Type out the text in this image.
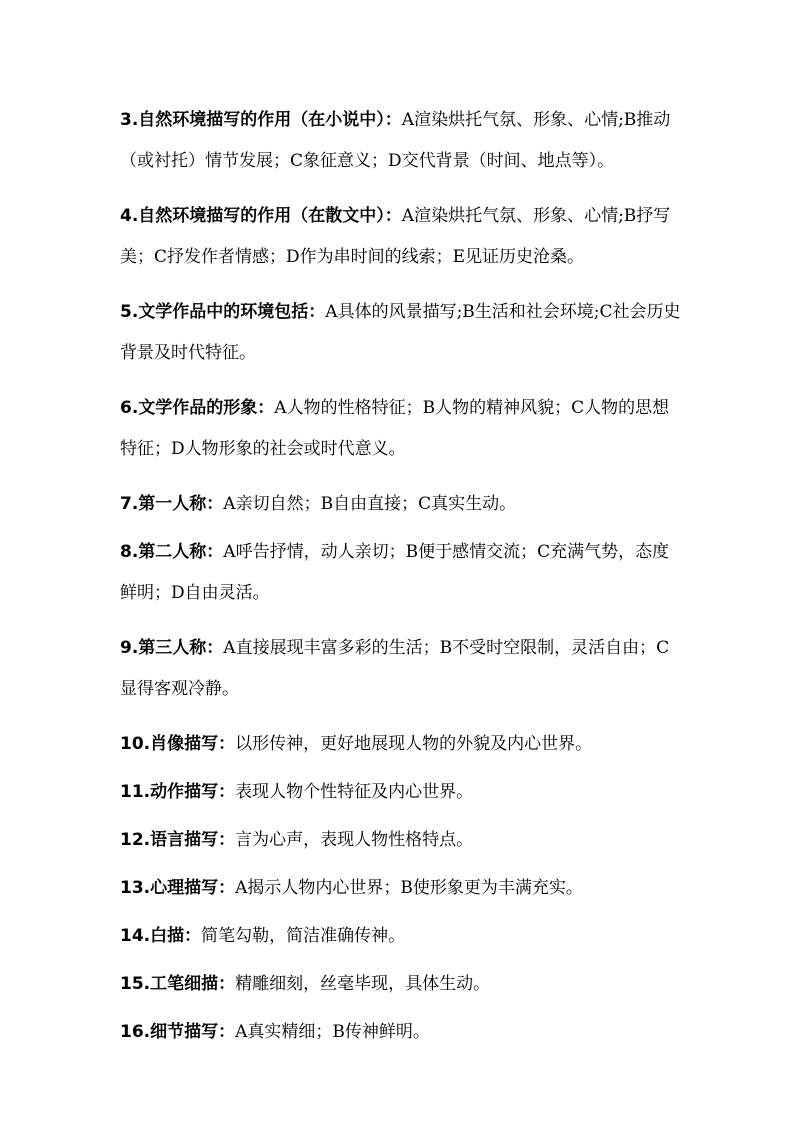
3.自然环境描写的作用（在小说中）：A渲染烘托气氛、形象、心情;B推动（或衬托）情节发展；C象征意义；D交代背景（时间、地点等）。

4.自然环境描写的作用（在散文中）：A渲染烘托气氛、形象、心情;B抒写美；C抒发作者情感；D作为串时间的线索；E见证历史沧桑。

5.文学作品中的环境包括：A具体的风景描写;B生活和社会环境;C社会历史背景及时代特征。

6.文学作品的形象：A人物的性格特征；B人物的精神风貌；C人物的思想特征；D人物形象的社会或时代意义。

7.第一人称：A亲切自然；B自由直接；C真实生动。

8.第二人称：A呼告抒情，动人亲切；B便于感情交流；C充满气势，态度鲜明；D自由灵活。

9.第三人称：A直接展现丰富多彩的生活；B不受时空限制，灵活自由；C显得客观冷静。

10.肖像描写：以形传神，更好地展现人物的外貌及内心世界。

11.动作描写：表现人物个性特征及内心世界。

12.语言描写：言为心声，表现人物性格特点。

13.心理描写：A揭示人物内心世界；B使形象更为丰满充实。

14.白描：简笔勾勒，简洁准确传神。

15.工笔细描：精雕细刻，丝毫毕现，具体生动。

16.细节描写：A真实精细；B传神鲜明。
